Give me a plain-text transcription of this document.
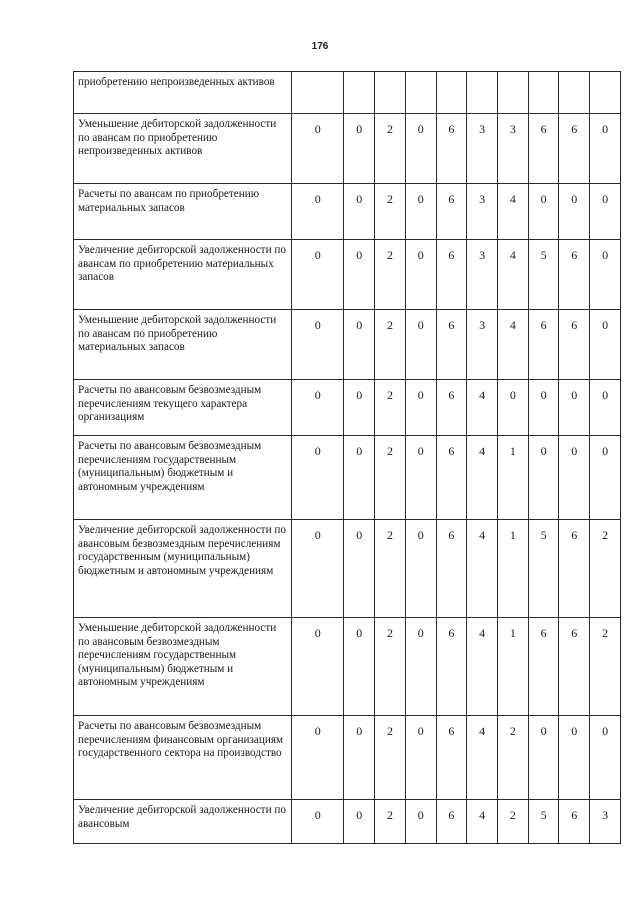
176
приобретению непроизведенных активов										
Уменьшение дебиторской задолженности по авансам по приобретению непроизведенных активов	0	0	2	0	6	3	3	6	6	0
Расчеты по авансам по приобретению материальных запасов	0	0	2	0	6	3	4	0	0	0
Увеличение дебиторской задолженности по авансам по приобретению материальных запасов	0	0	2	0	6	3	4	5	6	0
Уменьшение дебиторской задолженности по авансам по приобретению материальных запасов	0	0	2	0	6	3	4	6	6	0
Расчеты по авансовым безвозмездным перечислениям текущего характера организациям	0	0	2	0	6	4	0	0	0	0
Расчеты по авансовым безвозмездным перечислениям государственным (муниципальным) бюджетным и автономным учреждениям	0	0	2	0	6	4	1	0	0	0
Увеличение дебиторской задолженности по авансовым безвозмездным перечислениям государственным (муниципальным) бюджетным и автономным учреждениям	0	0	2	0	6	4	1	5	6	2
Уменьшение дебиторской задолженности по авансовым безвозмездным перечислениям государственным (муниципальным) бюджетным и автономным учреждениям	0	0	2	0	6	4	1	6	6	2
Расчеты по авансовым безвозмездным перечислениям финансовым организациям государственного сектора на производство	0	0	2	0	6	4	2	0	0	0
Увеличение дебиторской задолженности по авансовым	0	0	2	0	6	4	2	5	6	3
